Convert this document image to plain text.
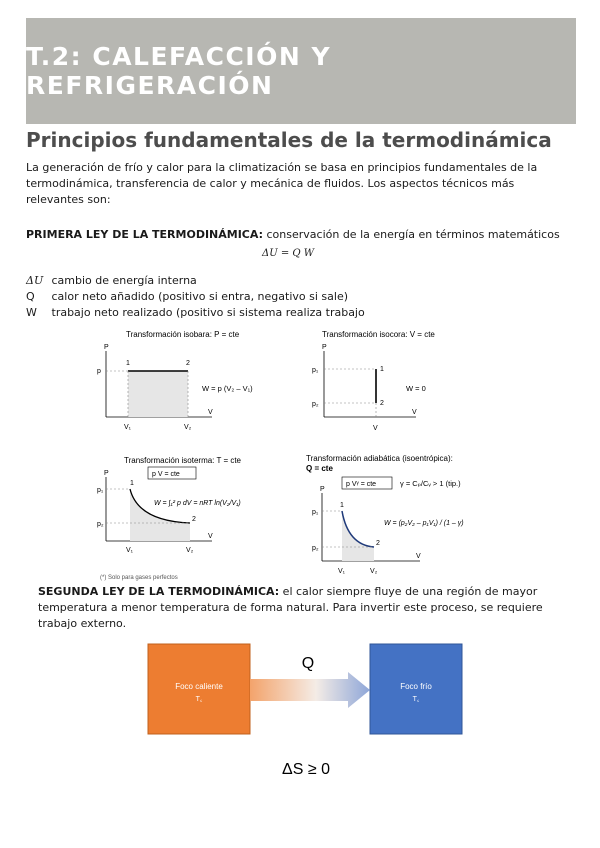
T.2: CALEFACCIÓN Y REFRIGERACIÓN
Principios fundamentales de la termodinámica

La generación de frío y calor para la climatización se basa en principios fundamentales de la termodinámica, transferencia de calor y mecánica de fluidos. Los aspectos técnicos más relevantes son:

PRIMERA LEY DE LA TERMODINÁMICA: conservación de la energía en términos matemáticos
ΔU = Q W
ΔU cambio de energía interna
Q calor neto añadido (positivo si entra, negativo si sale)
W trabajo neto realizado (positivo si sistema realiza trabajo
Transformación isobara: P = cte
P
V
p
1	2
V₁	V₂
W = p (V₂ – V₁)
Transformación isocora: V = cte
P
V
p₁
p₂
1
2
V
W = 0
Transformación isoterma: T = cte
P
V
p V = cte
p₁
p₂
1
2
V₁	V₂
W = ∫₁² p dV = nRT ln(V₂/V₁)
(*) Solo para gases perfectos
Transformación adiabática (isoentrópica):
Q = cte
P
V
p Vᵞ = cte	γ = Cₚ/Cᵥ > 1 (tip.)
p₁
p₂
1
2
V₁	V₂
W = (p₂V₂ – p₁V₁) / (1 – γ)
SEGUNDA LEY DE LA TERMODINÁMICA: el calor siempre fluye de una región de mayor temperatura a menor temperatura de forma natural. Para invertir este proceso, se requiere trabajo externo.
Foco caliente
T꜀
Foco frío
T꜀
Q
ΔS ≥ 0
